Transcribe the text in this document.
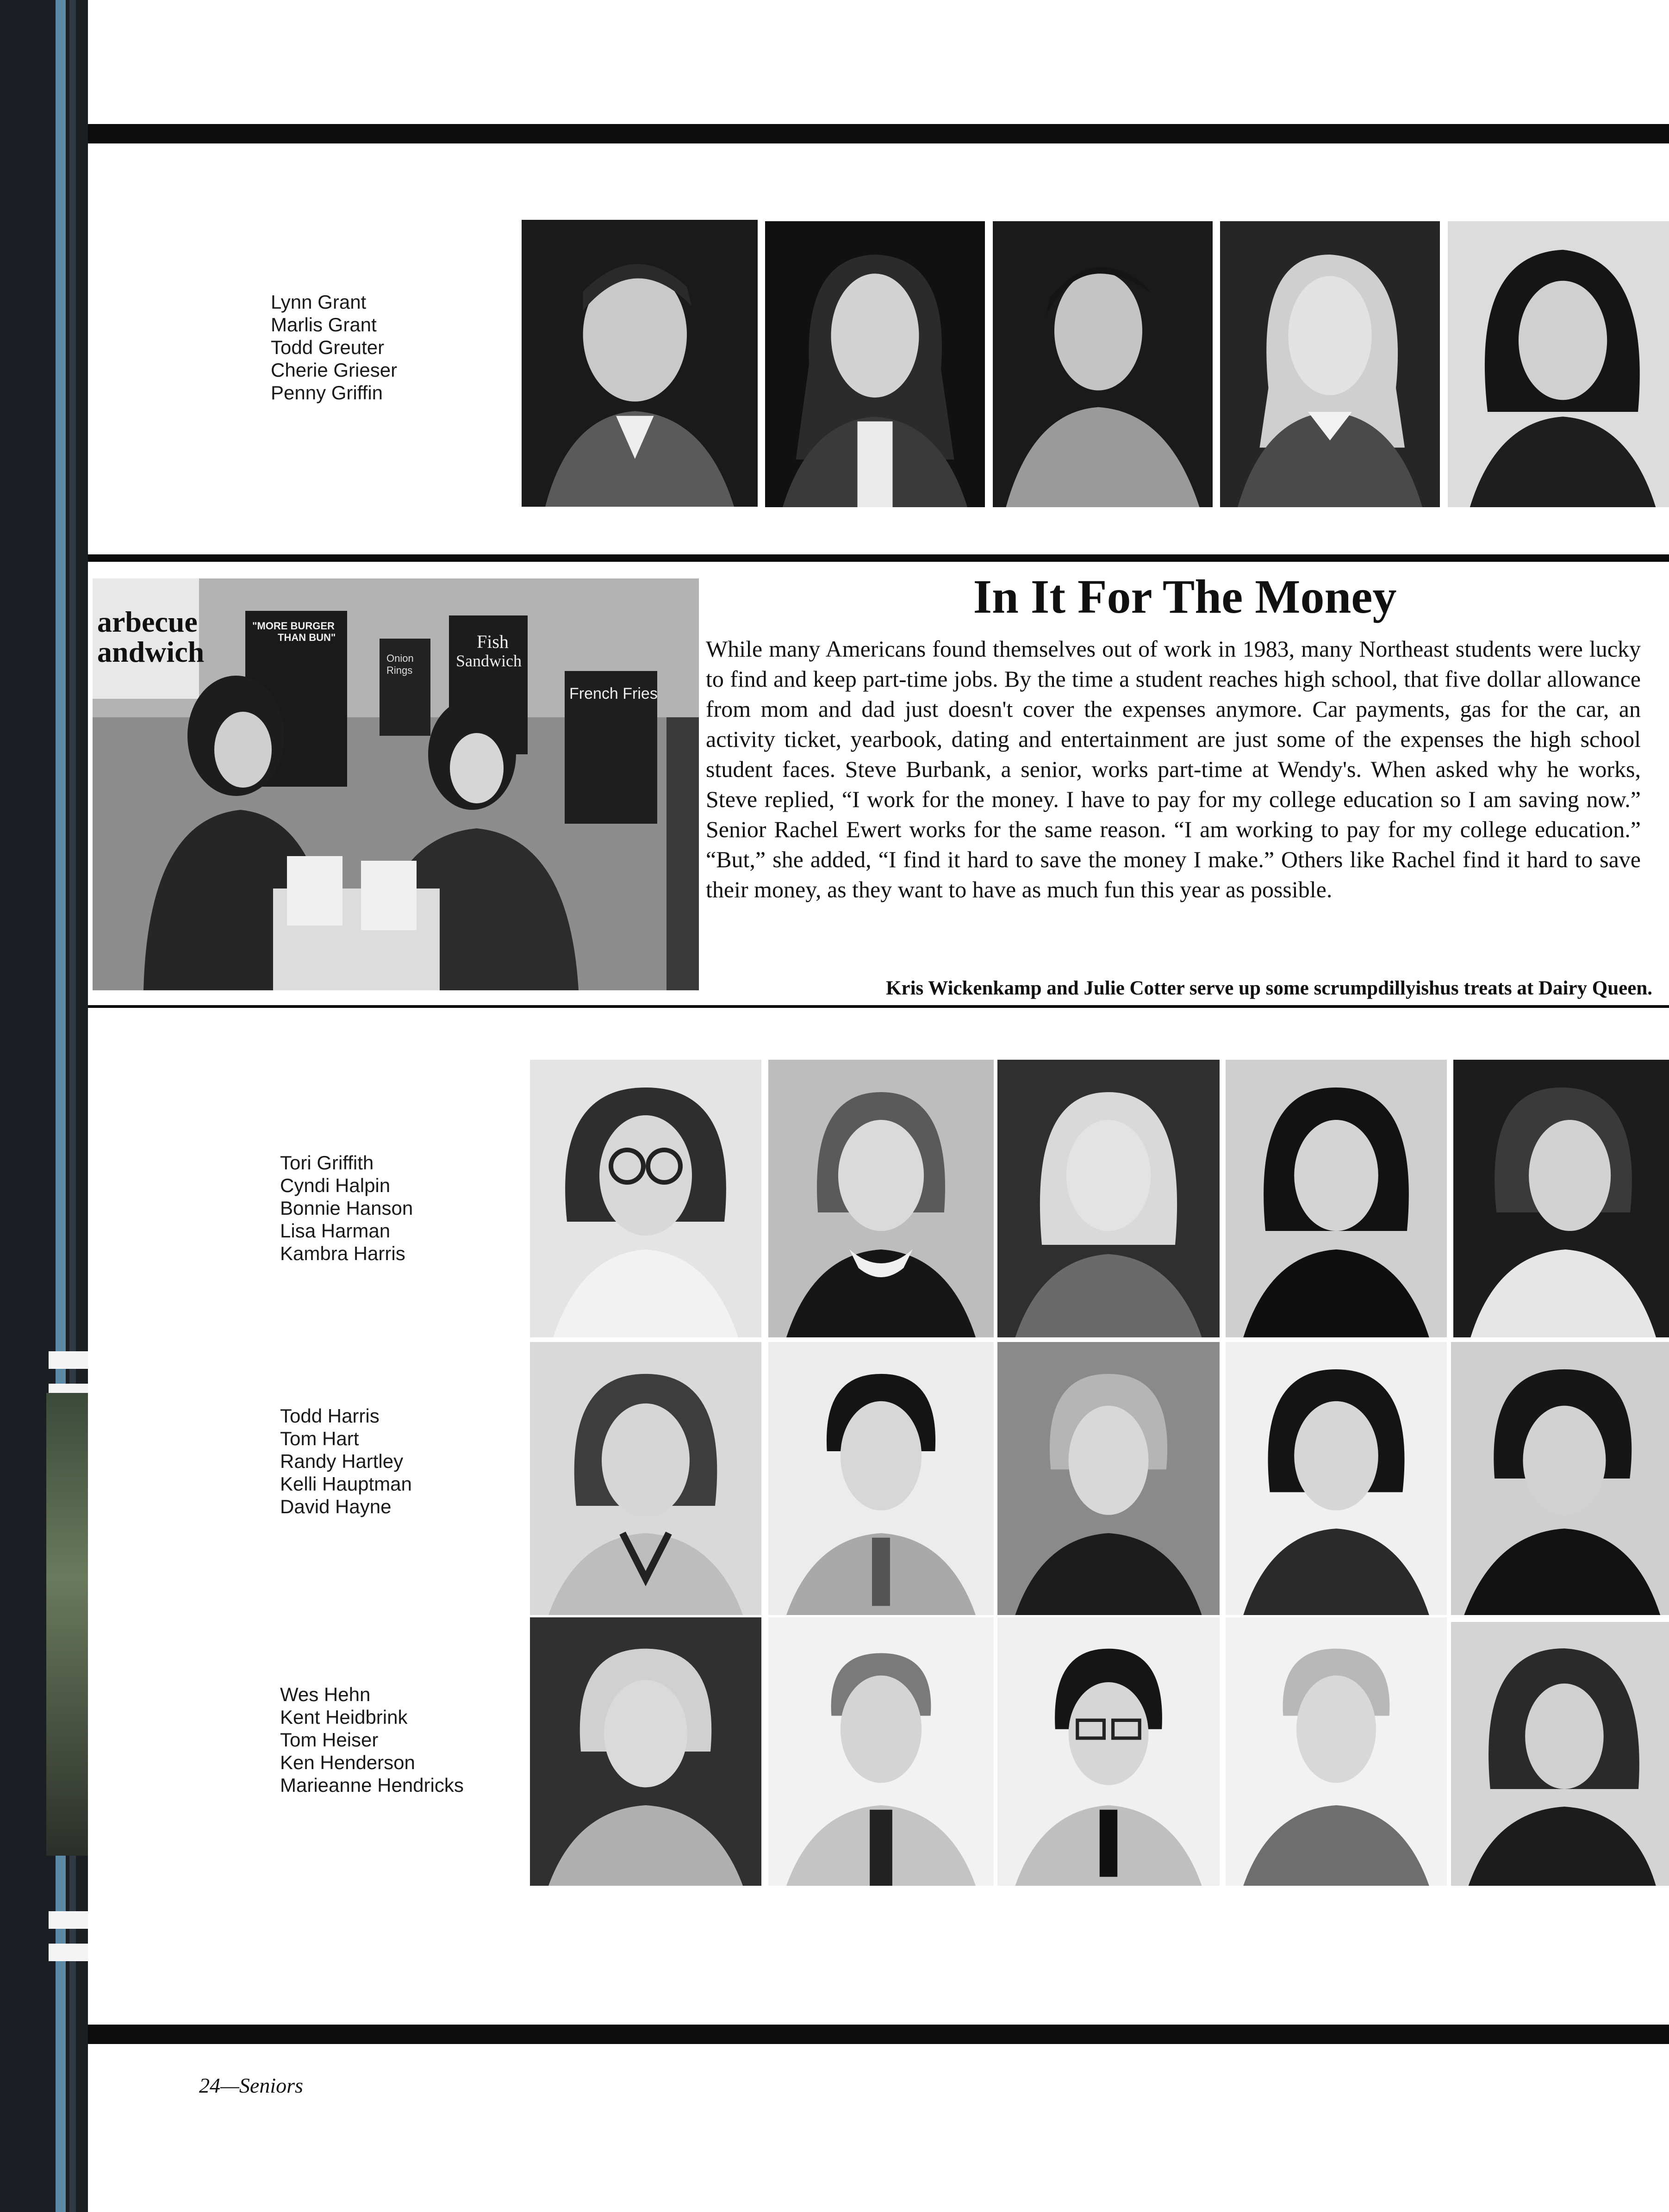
Lynn Grant
Marlis Grant
Todd Greuter
Cherie Grieser
Penny Griffin
arbecue
andwich
"MORE BURGER
THAN BUN"
Onion
Rings
Fish
Sandwich
French Fries
In It For The Money
While many Americans found themselves out of work in 1983, many Northeast students were lucky to find and keep part-time jobs. By the time a student reaches high school, that five dollar allowance from mom and dad just doesn't cover the expenses anymore. Car payments, gas for the car, an activity ticket, yearbook, dating and entertainment are just some of the expenses the high school student faces. Steve Burbank, a senior, works part-time at Wendy's. When asked why he works, Steve replied, “I work for the money. I have to pay for my college education so I am saving now.” Senior Rachel Ewert works for the same reason. “I am working to pay for my college education.” “But,” she added, “I find it hard to save the money I make.” Others like Rachel find it hard to save their money, as they want to have as much fun this year as possible.
Kris Wickenkamp and Julie Cotter serve up some scrumpdillyishus treats at Dairy Queen.
Tori Griffith
Cyndi Halpin
Bonnie Hanson
Lisa Harman
Kambra Harris
Todd Harris
Tom Hart
Randy Hartley
Kelli Hauptman
David Hayne
Wes Hehn
Kent Heidbrink
Tom Heiser
Ken Henderson
Marieanne Hendricks
24—Seniors
